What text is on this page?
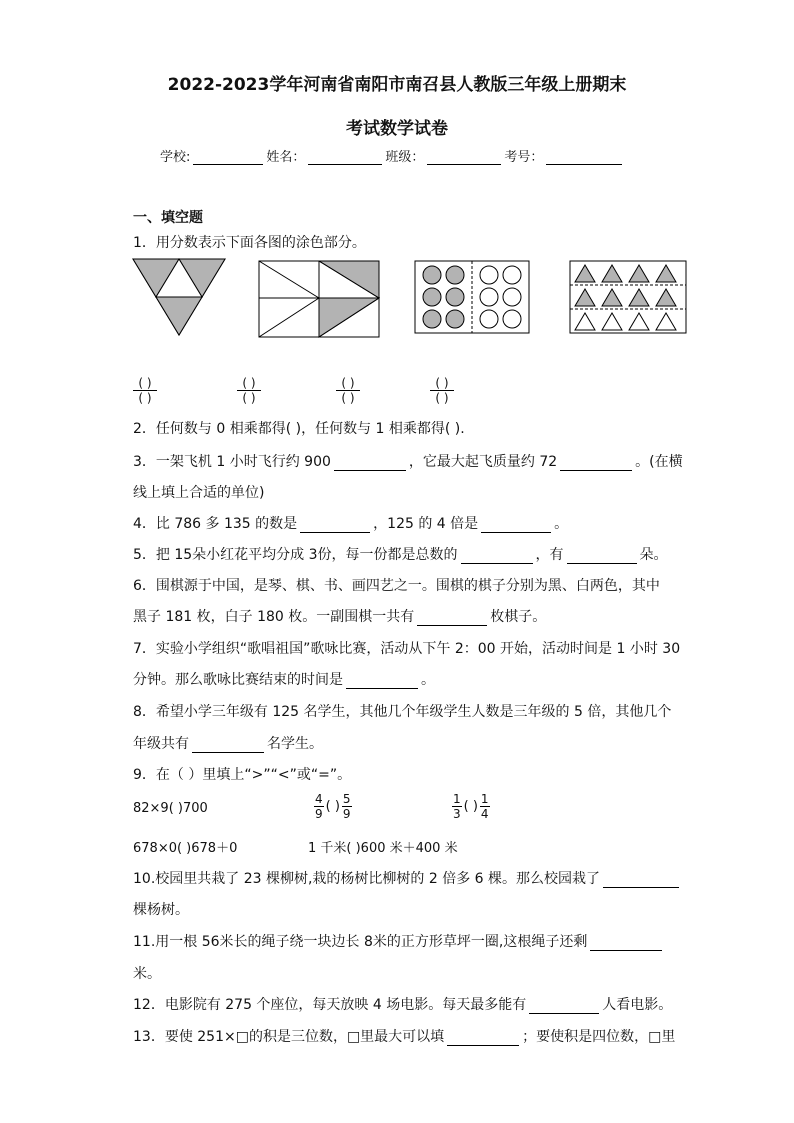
2022-2023学年河南省南阳市南召县人教版三年级上册期末
考试数学试卷
学校:	姓名：	班级：	考号：
一、填空题
1．用分数表示下面各图的涂色部分。
( )
( )
( )
( )
( )
( )
( )
( )
2．任何数与 0 相乘都得( )，任何数与 1 相乘都得( ).
3．一架飞机 1 小时飞行约 900	，它最大起飞质量约 72	。(在横
线上填上合适的单位)
4．比 786 多 135 的数是	，125 的 4 倍是	。
5．把 15朵小红花平均分成 3份，每一份都是总数的	，有	朵。
6．围棋源于中国，是琴、棋、书、画四艺之一。围棋的棋子分别为黑、白两色，其中
黑子 181 枚，白子 180 枚。一副围棋一共有	枚棋子。
7．实验小学组织“歌唱祖国”歌咏比赛，活动从下午 2：00 开始，活动时间是 1 小时 30
分钟。那么歌咏比赛结束的时间是	。
8．希望小学三年级有 125 名学生，其他几个年级学生人数是三年级的 5 倍，其他几个
年级共有	名学生。
9．在（ ）里填上“>”“<”或“=”。
82×9( )700	$\frac{4}{9}$ ( ) $\frac{5}{9}$	$\frac{1}{3}$ ( ) $\frac{1}{4}$
678×0( )678＋0	1 千米( )600 米＋400 米
10.校园里共栽了 23 棵柳树,栽的杨树比柳树的 2 倍多 6 棵。那么校园栽了
棵杨树。
11.用一根 56米长的绳子绕一块边长 8米的正方形草坪一圈,这根绳子还剩
米。
12．电影院有 275 个座位，每天放映 4 场电影。每天最多能有	人看电影。
13．要使 251×□的积是三位数，□里最大可以填	；要使积是四位数，□里
